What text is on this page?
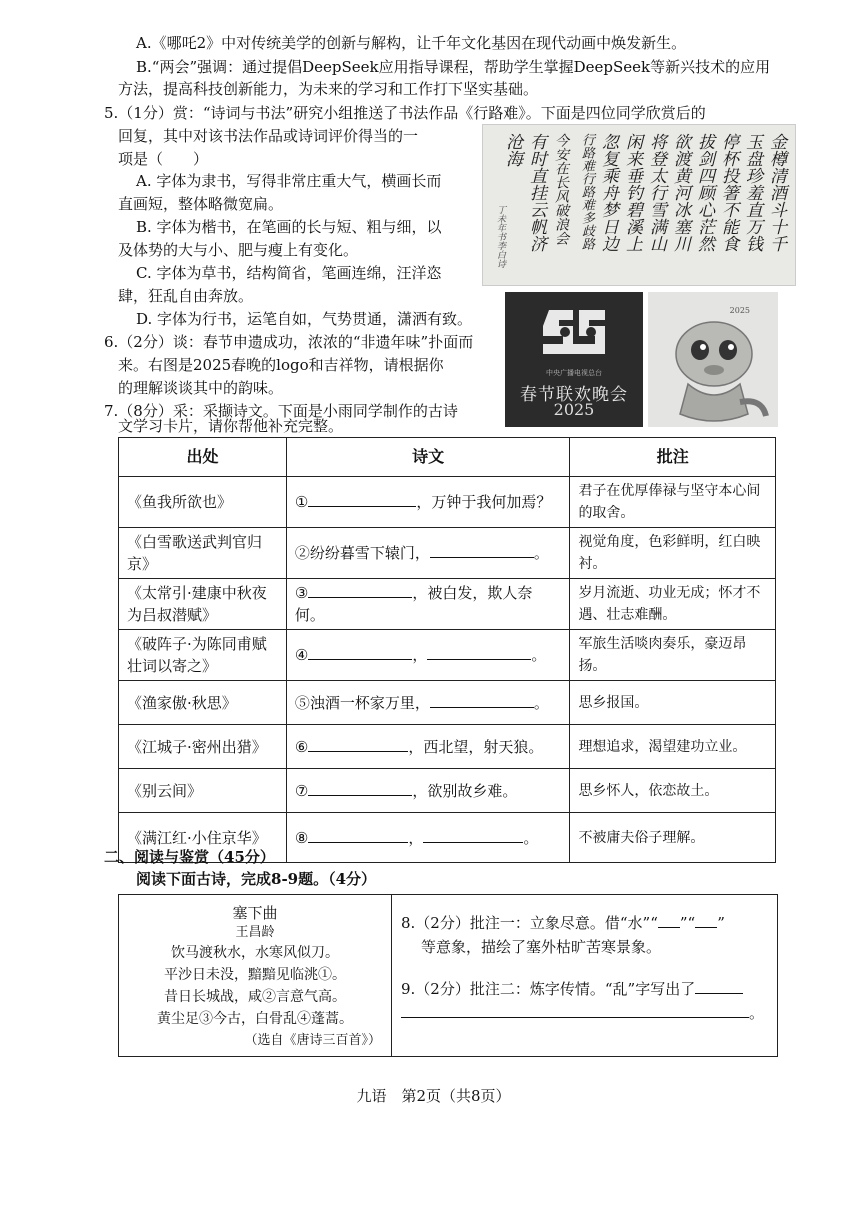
A.《哪吒2》中对传统美学的创新与解构，让千年文化基因在现代动画中焕发新生。
B.“两会”强调：通过提倡DeepSeek应用指导课程，帮助学生掌握DeepSeek等新兴技术的应用
方法，提高科技创新能力，为未来的学习和工作打下坚实基础。
5.（1分）赏：“诗词与书法”研究小组推送了书法作品《行路难》。下面是四位同学欣赏后的
回复，其中对该书法作品或诗词评价得当的一
项是（　　）
A. 字体为隶书，写得非常庄重大气，横画长而
直画短，整体略微宽扁。
B. 字体为楷书，在笔画的长与短、粗与细，以
及体势的大与小、肥与瘦上有变化。
C. 字体为草书，结构简省，笔画连绵，汪洋恣
肆，狂乱自由奔放。
D. 字体为行书，运笔自如，气势贯通，潇洒有致。
金樽清酒斗十千
玉盘珍羞直万钱
停杯投箸不能食
拔剑四顾心茫然
欲渡黄河冰塞川
将登太行雪满山
闲来垂钓碧溪上
忽复乘舟梦日边
行路难行路难多歧路
今安在长风破浪会
有时直挂云帆济
沧海
丁未年书李白诗
6.（2分）谈：春节申遗成功，浓浓的“非遗年味”扑面而
来。右图是2025春晚的logo和吉祥物，请根据你
的理解谈谈其中的韵味。
中央广播电视总台
春节联欢晚会
2025
2025
7.（8分）采：采撷诗文。下面是小雨同学制作的古诗
文学习卡片，请你帮他补充完整。
出处	诗文	批注
《鱼我所欲也》	① ，万钟于我何加焉？	君子在优厚俸禄与坚守本心间的取舍。
《白雪歌送武判官归京》	②纷纷暮雪下辕门， 。	视觉角度，色彩鲜明，红白映衬。
《太常引·建康中秋夜为吕叔潜赋》	③ ，被白发，欺人奈何。	岁月流逝、功业无成；怀才不遇、壮志难酬。
《破阵子·为陈同甫赋壮词以寄之》	④ ， 。	军旅生活啖肉奏乐，豪迈昂扬。
《渔家傲·秋思》	⑤浊酒一杯家万里， 。	思乡报国。
《江城子·密州出猎》	⑥ ，西北望，射天狼。	理想追求，渴望建功立业。
《别云间》	⑦ ，欲别故乡难。	思乡怀人，依恋故土。
《满江红·小住京华》	⑧ ， 。	不被庸夫俗子理解。
二、阅读与鉴赏（45分）
阅读下面古诗，完成8-9题。（4分）
塞下曲
王昌龄
饮马渡秋水，水寒风似刀。
平沙日未没，黯黯见临洮①。
昔日长城战，咸②言意气高。
黄尘足③今古，白骨乱④蓬蒿。
（选自《唐诗三百首》）
8.（2分）批注一：立象尽意。借“水”“ ”“ ”
等意象，描绘了塞外枯旷苦寒景象。
9.（2分）批注二：炼字传情。“乱”字写出了
。
九语　第2页（共8页）
